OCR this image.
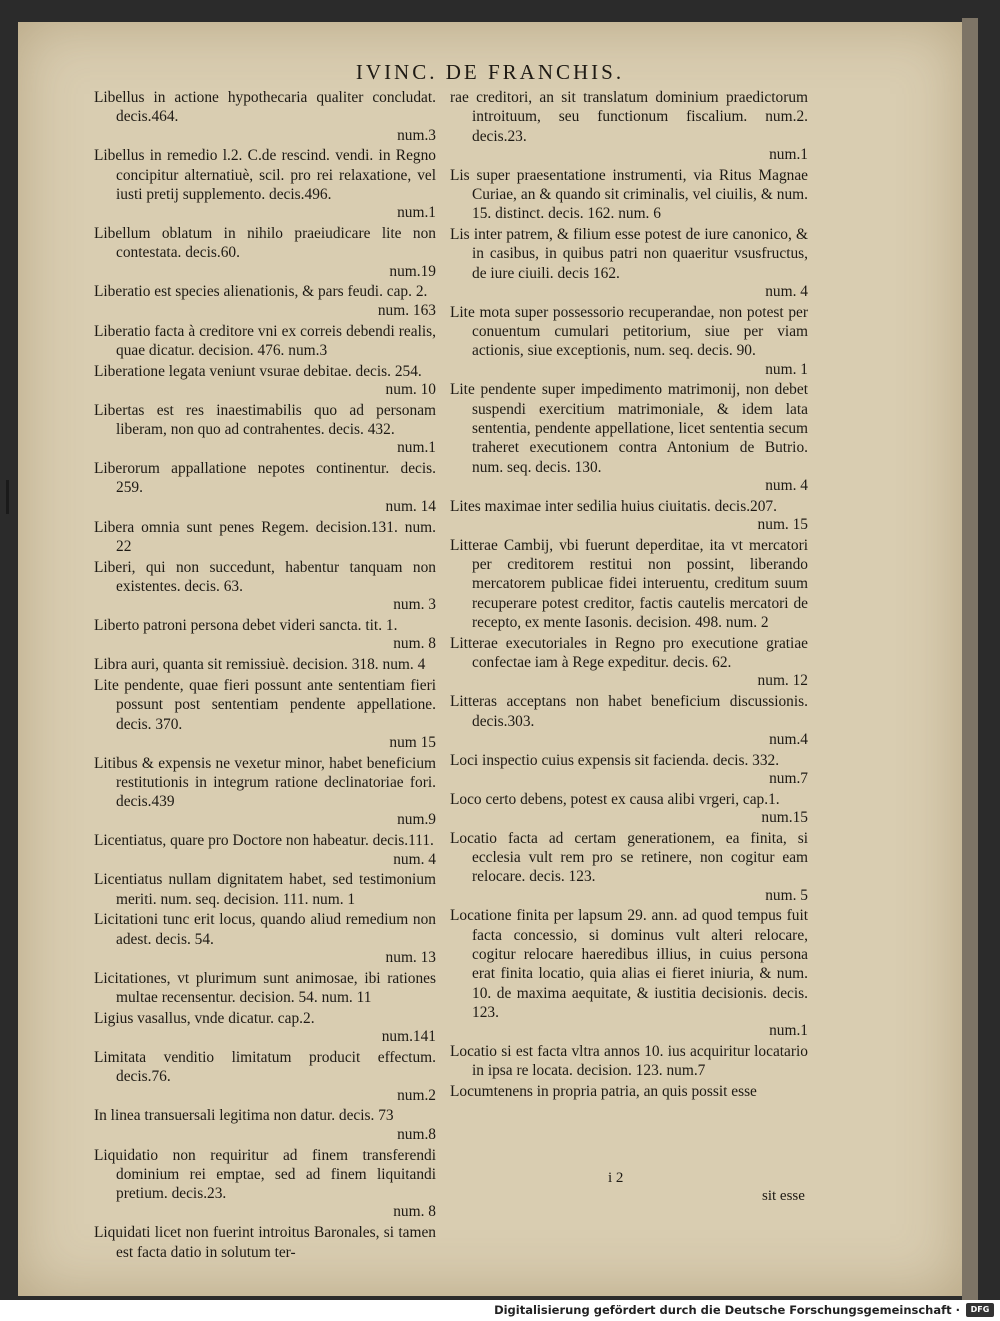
IVINC. DE FRANCHIS.

Libellus in actione hypothecaria qualiter concludat. decis.464.
num.3

Libellus in remedio l.2. C.de rescind. vendi. in Regno concipitur alternatiuè, scil. pro rei relaxatione, vel iusti pretij supplemento. decis.496.
num.1

Libellum oblatum in nihilo praeiudicare lite non contestata. decis.60.
num.19

Liberatio est species alienationis, & pars feudi. cap. 2.
num. 163

Liberatio facta à creditore vni ex correis debendi realis, quae dicatur. decision. 476. num.3

Liberatione legata veniunt vsurae debitae. decis. 254.
num. 10

Libertas est res inaestimabilis quo ad personam liberam, non quo ad contrahentes. decis. 432.
num.1

Liberorum appallatione nepotes continentur. decis. 259.
num. 14

Libera omnia sunt penes Regem. decision.131. num. 22

Liberi, qui non succedunt, habentur tanquam non existentes. decis. 63.
num. 3

Liberto patroni persona debet videri sancta. tit. 1.
num. 8

Libra auri, quanta sit remissiuè. decision. 318. num. 4

Lite pendente, quae fieri possunt ante sententiam fieri possunt post sententiam pendente appellatione. decis. 370.
num 15

Litibus & expensis ne vexetur minor, habet beneficium restitutionis in integrum ratione declinatoriae fori. decis.439
num.9

Licentiatus, quare pro Doctore non habeatur. decis.111.
num. 4

Licentiatus nullam dignitatem habet, sed testimonium meriti. num. seq. decision. 111. num. 1

Licitationi tunc erit locus, quando aliud remedium non adest. decis. 54.
num. 13

Licitationes, vt plurimum sunt animosae, ibi rationes multae recensentur. decision. 54. num. 11

Ligius vasallus, vnde dicatur. cap.2.
num.141

Limitata venditio limitatum producit effectum. decis.76.
num.2

In linea transuersali legitima non datur. decis. 73
num.8

Liquidatio non requiritur ad finem transferendi dominium rei emptae, sed ad finem liquitandi pretium. decis.23.
num. 8

Liquidati licet non fuerint introitus Baronales, si tamen est facta datio in solutum ter-

rae creditori, an sit translatum dominium praedictorum introituum, seu functionum fiscalium. num.2. decis.23.
num.1

Lis super praesentatione instrumenti, via Ritus Magnae Curiae, an & quando sit criminalis, vel ciuilis, & num. 15. distinct. decis. 162. num. 6

Lis inter patrem, & filium esse potest de iure canonico, & in casibus, in quibus patri non quaeritur vsusfructus, de iure ciuili. decis 162.
num. 4

Lite mota super possessorio recuperandae, non potest per conuentum cumulari petitorium, siue per viam actionis, siue exceptionis, num. seq. decis. 90.
num. 1

Lite pendente super impedimento matrimonij, non debet suspendi exercitium matrimoniale, & idem lata sententia, pendente appellatione, licet sententia secum traheret executionem contra Antonium de Butrio. num. seq. decis. 130.
num. 4

Lites maximae inter sedilia huius ciuitatis. decis.207.
num. 15

Litterae Cambij, vbi fuerunt deperditae, ita vt mercatori per creditorem restitui non possint, liberando mercatorem publicae fidei interuentu, creditum suum recuperare potest creditor, factis cautelis mercatori de recepto, ex mente Iasonis. decision. 498. num. 2

Litterae executoriales in Regno pro executione gratiae confectae iam à Rege expeditur. decis. 62.
num. 12

Litteras acceptans non habet beneficium discussionis. decis.303.
num.4

Loci inspectio cuius expensis sit facienda. decis. 332.
num.7

Loco certo debens, potest ex causa alibi vrgeri, cap.1.
num.15

Locatio facta ad certam generationem, ea finita, si ecclesia vult rem pro se retinere, non cogitur eam relocare. decis. 123.
num. 5

Locatione finita per lapsum 29. ann. ad quod tempus fuit facta concessio, si dominus vult alteri relocare, cogitur relocare haeredibus illius, in cuius persona erat finita locatio, quia alias ei fieret iniuria, & num. 10. de maxima aequitate, & iustitia decisionis. decis. 123.
num.1

Locatio si est facta vltra annos 10. ius acquiritur locatario in ipsa re locata. decision. 123. num.7

Locumtenens in propria patria, an quis possit esse

i 2
sit esse
Digitalisierung gefördert durch die Deutsche Forschungsgemeinschaft ·	DFG
